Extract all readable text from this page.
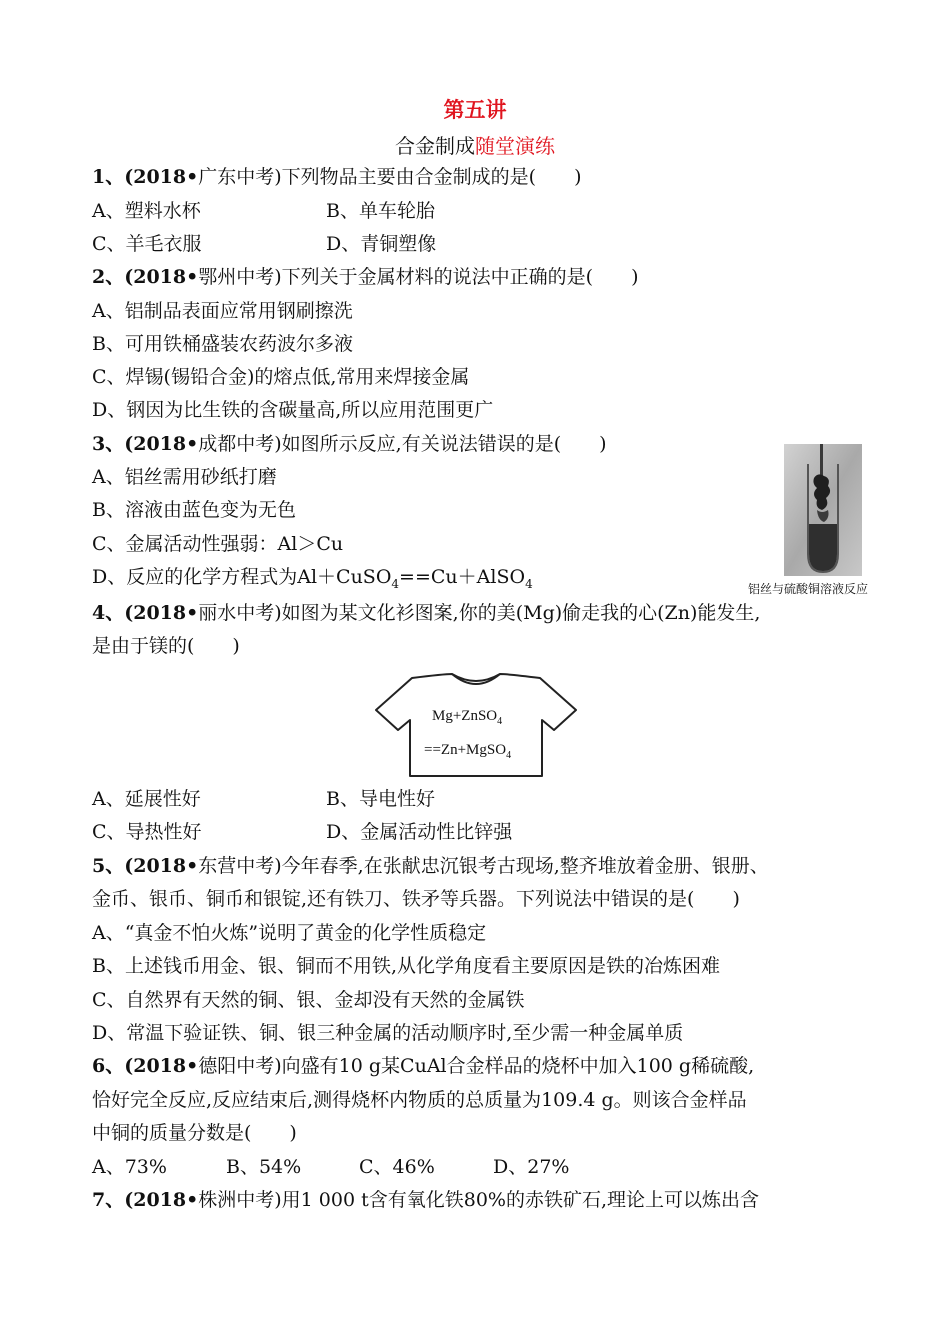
第五讲
合金制成随堂演练
1、(2018•广东中考)下列物品主要由合金制成的是(　　)
A、塑料水杯	B、单车轮胎
C、羊毛衣服	D、青铜塑像
2、(2018•鄂州中考)下列关于金属材料的说法中正确的是(　　)
A、铝制品表面应常用钢刷擦洗
B、可用铁桶盛装农药波尔多液
C、焊锡(锡铅合金)的熔点低,常用来焊接金属
D、钢因为比生铁的含碳量高,所以应用范围更广
3、(2018•成都中考)如图所示反应,有关说法错误的是(　　)
A、铝丝需用砂纸打磨
B、溶液由蓝色变为无色
C、金属活动性强弱：Al＞Cu
D、反应的化学方程式为Al＋CuSO$_4$==Cu＋AlSO$_4$	铝丝与硫酸铜溶液反应
4、(2018•丽水中考)如图为某文化衫图案,你的美(Mg)偷走我的心(Zn)能发生,
是由于镁的(　　)
Mg+ZnSO$_4$
==Zn+MgSO$_4$
A、延展性好	B、导电性好
C、导热性好	D、金属活动性比锌强
5、(2018•东营中考)今年春季,在张献忠沉银考古现场,整齐堆放着金册、银册、
金币、银币、铜币和银锭,还有铁刀、铁矛等兵器。下列说法中错误的是(　　)
A、“真金不怕火炼”说明了黄金的化学性质稳定
B、上述钱币用金、银、铜而不用铁,从化学角度看主要原因是铁的冶炼困难
C、自然界有天然的铜、银、金却没有天然的金属铁
D、常温下验证铁、铜、银三种金属的活动顺序时,至少需一种金属单质
6、(2018•德阳中考)向盛有10 g某CuAl合金样品的烧杯中加入100 g稀硫酸,
恰好完全反应,反应结束后,测得烧杯内物质的总质量为109.4 g。则该合金样品
中铜的质量分数是(　　)
A、73%	B、54%	C、46%	D、27%
7、(2018•株洲中考)用1 000 t含有氧化铁80%的赤铁矿石,理论上可以炼出含
